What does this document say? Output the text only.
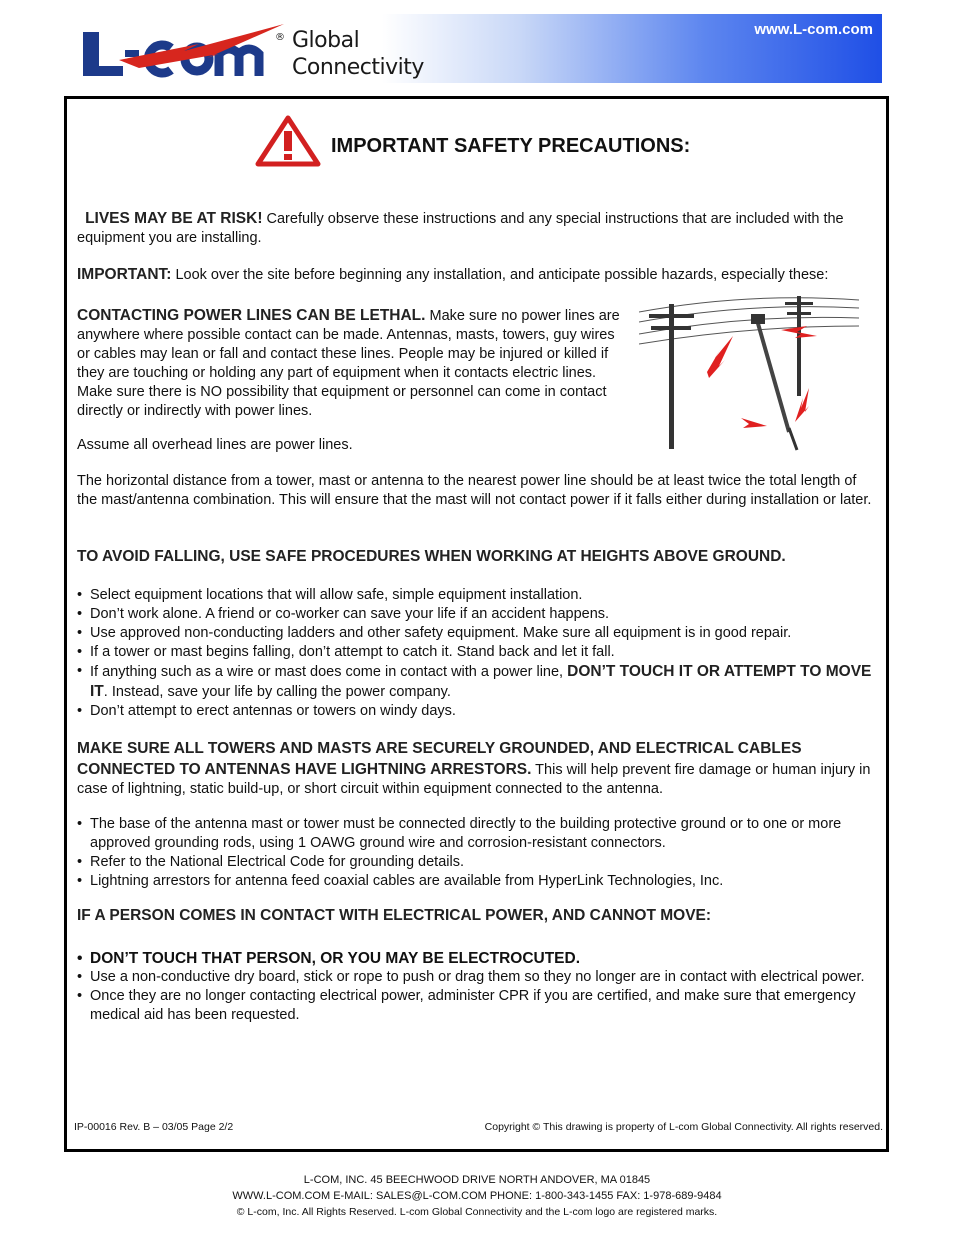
® Global
Connectivity
www.L-com.com
IMPORTANT SAFETY PRECAUTIONS:
LIVES MAY BE AT RISK! Carefully observe these instructions and any special instructions that are included with the equipment you are installing.
IMPORTANT: Look over the site before beginning any installation, and anticipate possible hazards, especially these:
CONTACTING POWER LINES CAN BE LETHAL. Make sure no power lines are anywhere where possible contact can be made. Antennas, masts, towers, guy wires or cables may lean or fall and contact these lines. People may be injured or killed if they are touching or holding any part of equipment when it contacts electric lines. Make sure there is NO possibility that equipment or personnel can come in contact directly or indirectly with power lines.
Assume all overhead lines are power lines.
The horizontal distance from a tower, mast or antenna to the nearest power line should be at least twice the total length of the mast/antenna combination. This will ensure that the mast will not contact power if it falls either during installation or later.
TO AVOID FALLING, USE SAFE PROCEDURES WHEN WORKING AT HEIGHTS ABOVE GROUND.
• Select equipment locations that will allow safe, simple equipment installation.
• Don’t work alone. A friend or co-worker can save your life if an accident happens.
• Use approved non-conducting ladders and other safety equipment. Make sure all equipment is in good repair.
• If a tower or mast begins falling, don’t attempt to catch it. Stand back and let it fall.
• If anything such as a wire or mast does come in contact with a power line, DON’T TOUCH IT OR ATTEMPT TO MOVE IT. Instead, save your life by calling the power company.
• Don’t attempt to erect antennas or towers on windy days.
MAKE SURE ALL TOWERS AND MASTS ARE SECURELY GROUNDED, AND ELECTRICAL CABLES CONNECTED TO ANTENNAS HAVE LIGHTNING ARRESTORS. This will help prevent fire damage or human injury in case of lightning, static build-up, or short circuit within equipment connected to the antenna.
• The base of the antenna mast or tower must be connected directly to the building protective ground or to one or more approved grounding rods, using 1 OAWG ground wire and corrosion-resistant connectors.
• Refer to the National Electrical Code for grounding details.
• Lightning arrestors for antenna feed coaxial cables are available from HyperLink Technologies, Inc.
IF A PERSON COMES IN CONTACT WITH ELECTRICAL POWER, AND CANNOT MOVE:
• DON’T TOUCH THAT PERSON, OR YOU MAY BE ELECTROCUTED.
• Use a non-conductive dry board, stick or rope to push or drag them so they no longer are in contact with electrical power.
• Once they are no longer contacting electrical power, administer CPR if you are certified, and make sure that emergency medical aid has been requested.
IP-00016 Rev. B – 03/05 Page 2/2	Copyright © This drawing is property of L-com Global Connectivity. All rights reserved.
L-COM, INC. 45 BEECHWOOD DRIVE NORTH ANDOVER, MA 01845
WWW.L-COM.COM E-MAIL: SALES@L-COM.COM PHONE: 1-800-343-1455 FAX: 1-978-689-9484
© L-com, Inc. All Rights Reserved. L-com Global Connectivity and the L-com logo are registered marks.
